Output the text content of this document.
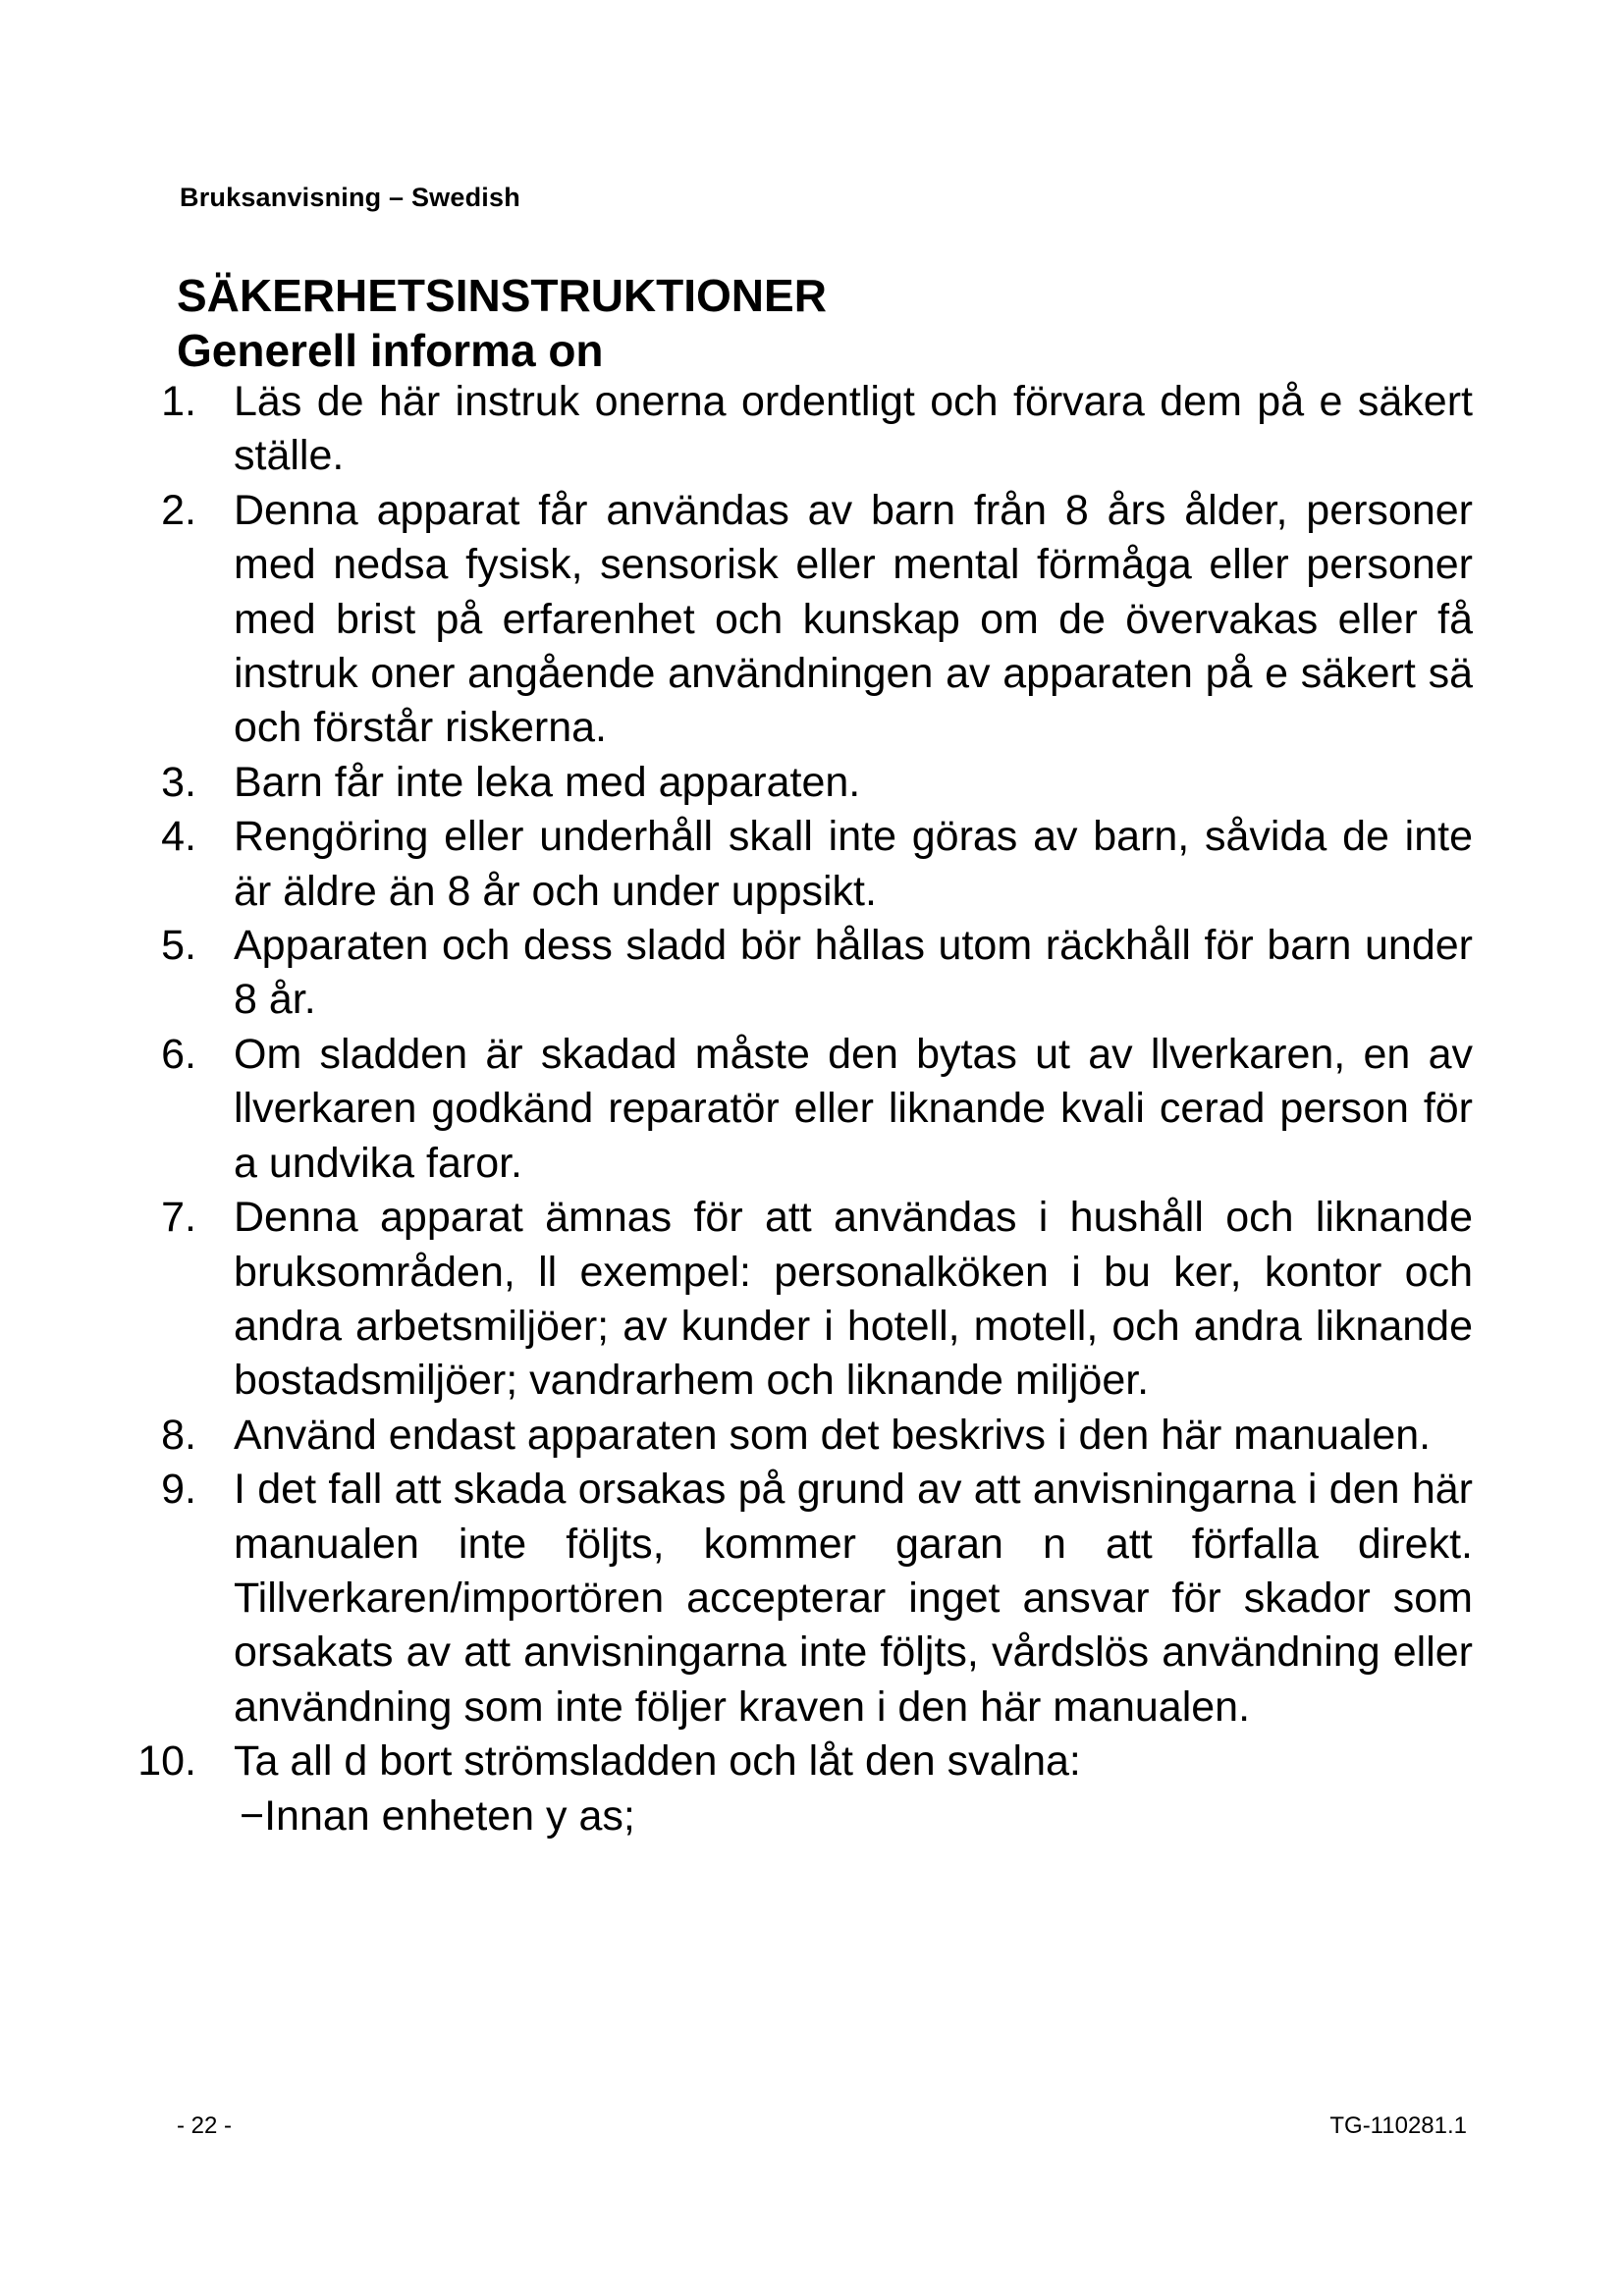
Bruksanvisning – Swedish
SÄKERHETSINSTRUKTIONER
Generell informa on
1. Läs de här instruk onerna ordentligt och förvara dem på e säkert ställe.
2. Denna apparat får användas av barn från 8 års ålder, personer med nedsa fysisk, sensorisk eller mental förmåga eller personer med brist på erfarenhet och kunskap om de övervakas eller få instruk oner angående användningen av apparaten på e säkert sä och förstår riskerna.
3. Barn får inte leka med apparaten.
4. Rengöring eller underhåll skall inte göras av barn, såvida de inte är äldre än 8 år och under uppsikt.
5. Apparaten och dess sladd bör hållas utom räckhåll för barn under 8 år.
6. Om sladden är skadad måste den bytas ut av llverkaren, en av llverkaren godkänd reparatör eller liknande kvali cerad person för a undvika faror.
7. Denna apparat ämnas för att användas i hushåll och liknande bruksområden, ll exempel: personalköken i bu ker, kontor och andra arbetsmiljöer; av kunder i hotell, motell, och andra liknande bostadsmiljöer; vandrarhem och liknande miljöer.
8. Använd endast apparaten som det beskrivs i den här manualen.
9. I det fall att skada orsakas på grund av att anvisningarna i den här manualen inte följts, kommer garan n att förfalla direkt. Tillverkaren/importören accepterar inget ansvar för skador som orsakats av att anvisningarna inte följts, vårdslös användning eller användning som inte följer kraven i den här manualen.
10. Ta all d bort strömsladden och låt den svalna:
−Innan enheten y as;
- 22 -	TG-110281.1
